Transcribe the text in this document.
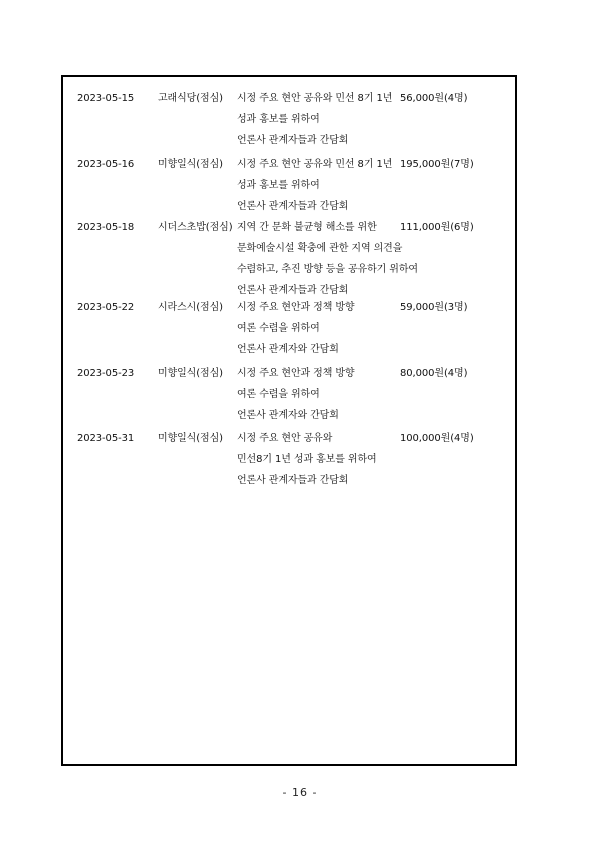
2023-05-15 고래식당(점심) 시정 주요 현안 공유와 민선 8기 1년
성과 홍보를 위하여
언론사 관계자들과 간담회
56,000원(4명)
2023-05-16 미향일식(점심) 시정 주요 현안 공유와 민선 8기 1년
성과 홍보를 위하여
언론사 관계자들과 간담회
195,000원(7명)
2023-05-18 시더스초밥(점심) 지역 간 문화 불균형 해소를 위한
문화예술시설 확충에 관한 지역 의견을
수렴하고, 추진 방향 등을 공유하기 위하여
언론사 관계자들과 간담회
111,000원(6명)
2023-05-22 시라스시(점심) 시정 주요 현안과 정책 방향
여론 수렴을 위하여
언론사 관계자와 간담회
59,000원(3명)
2023-05-23 미향일식(점심) 시정 주요 현안과 정책 방향
여론 수렴을 위하여
언론사 관계자와 간담회
80,000원(4명)
2023-05-31 미향일식(점심) 시정 주요 현안 공유와
민선8기 1년 성과 홍보를 위하여
언론사 관계자들과 간담회
100,000원(4명)
- 16 -
